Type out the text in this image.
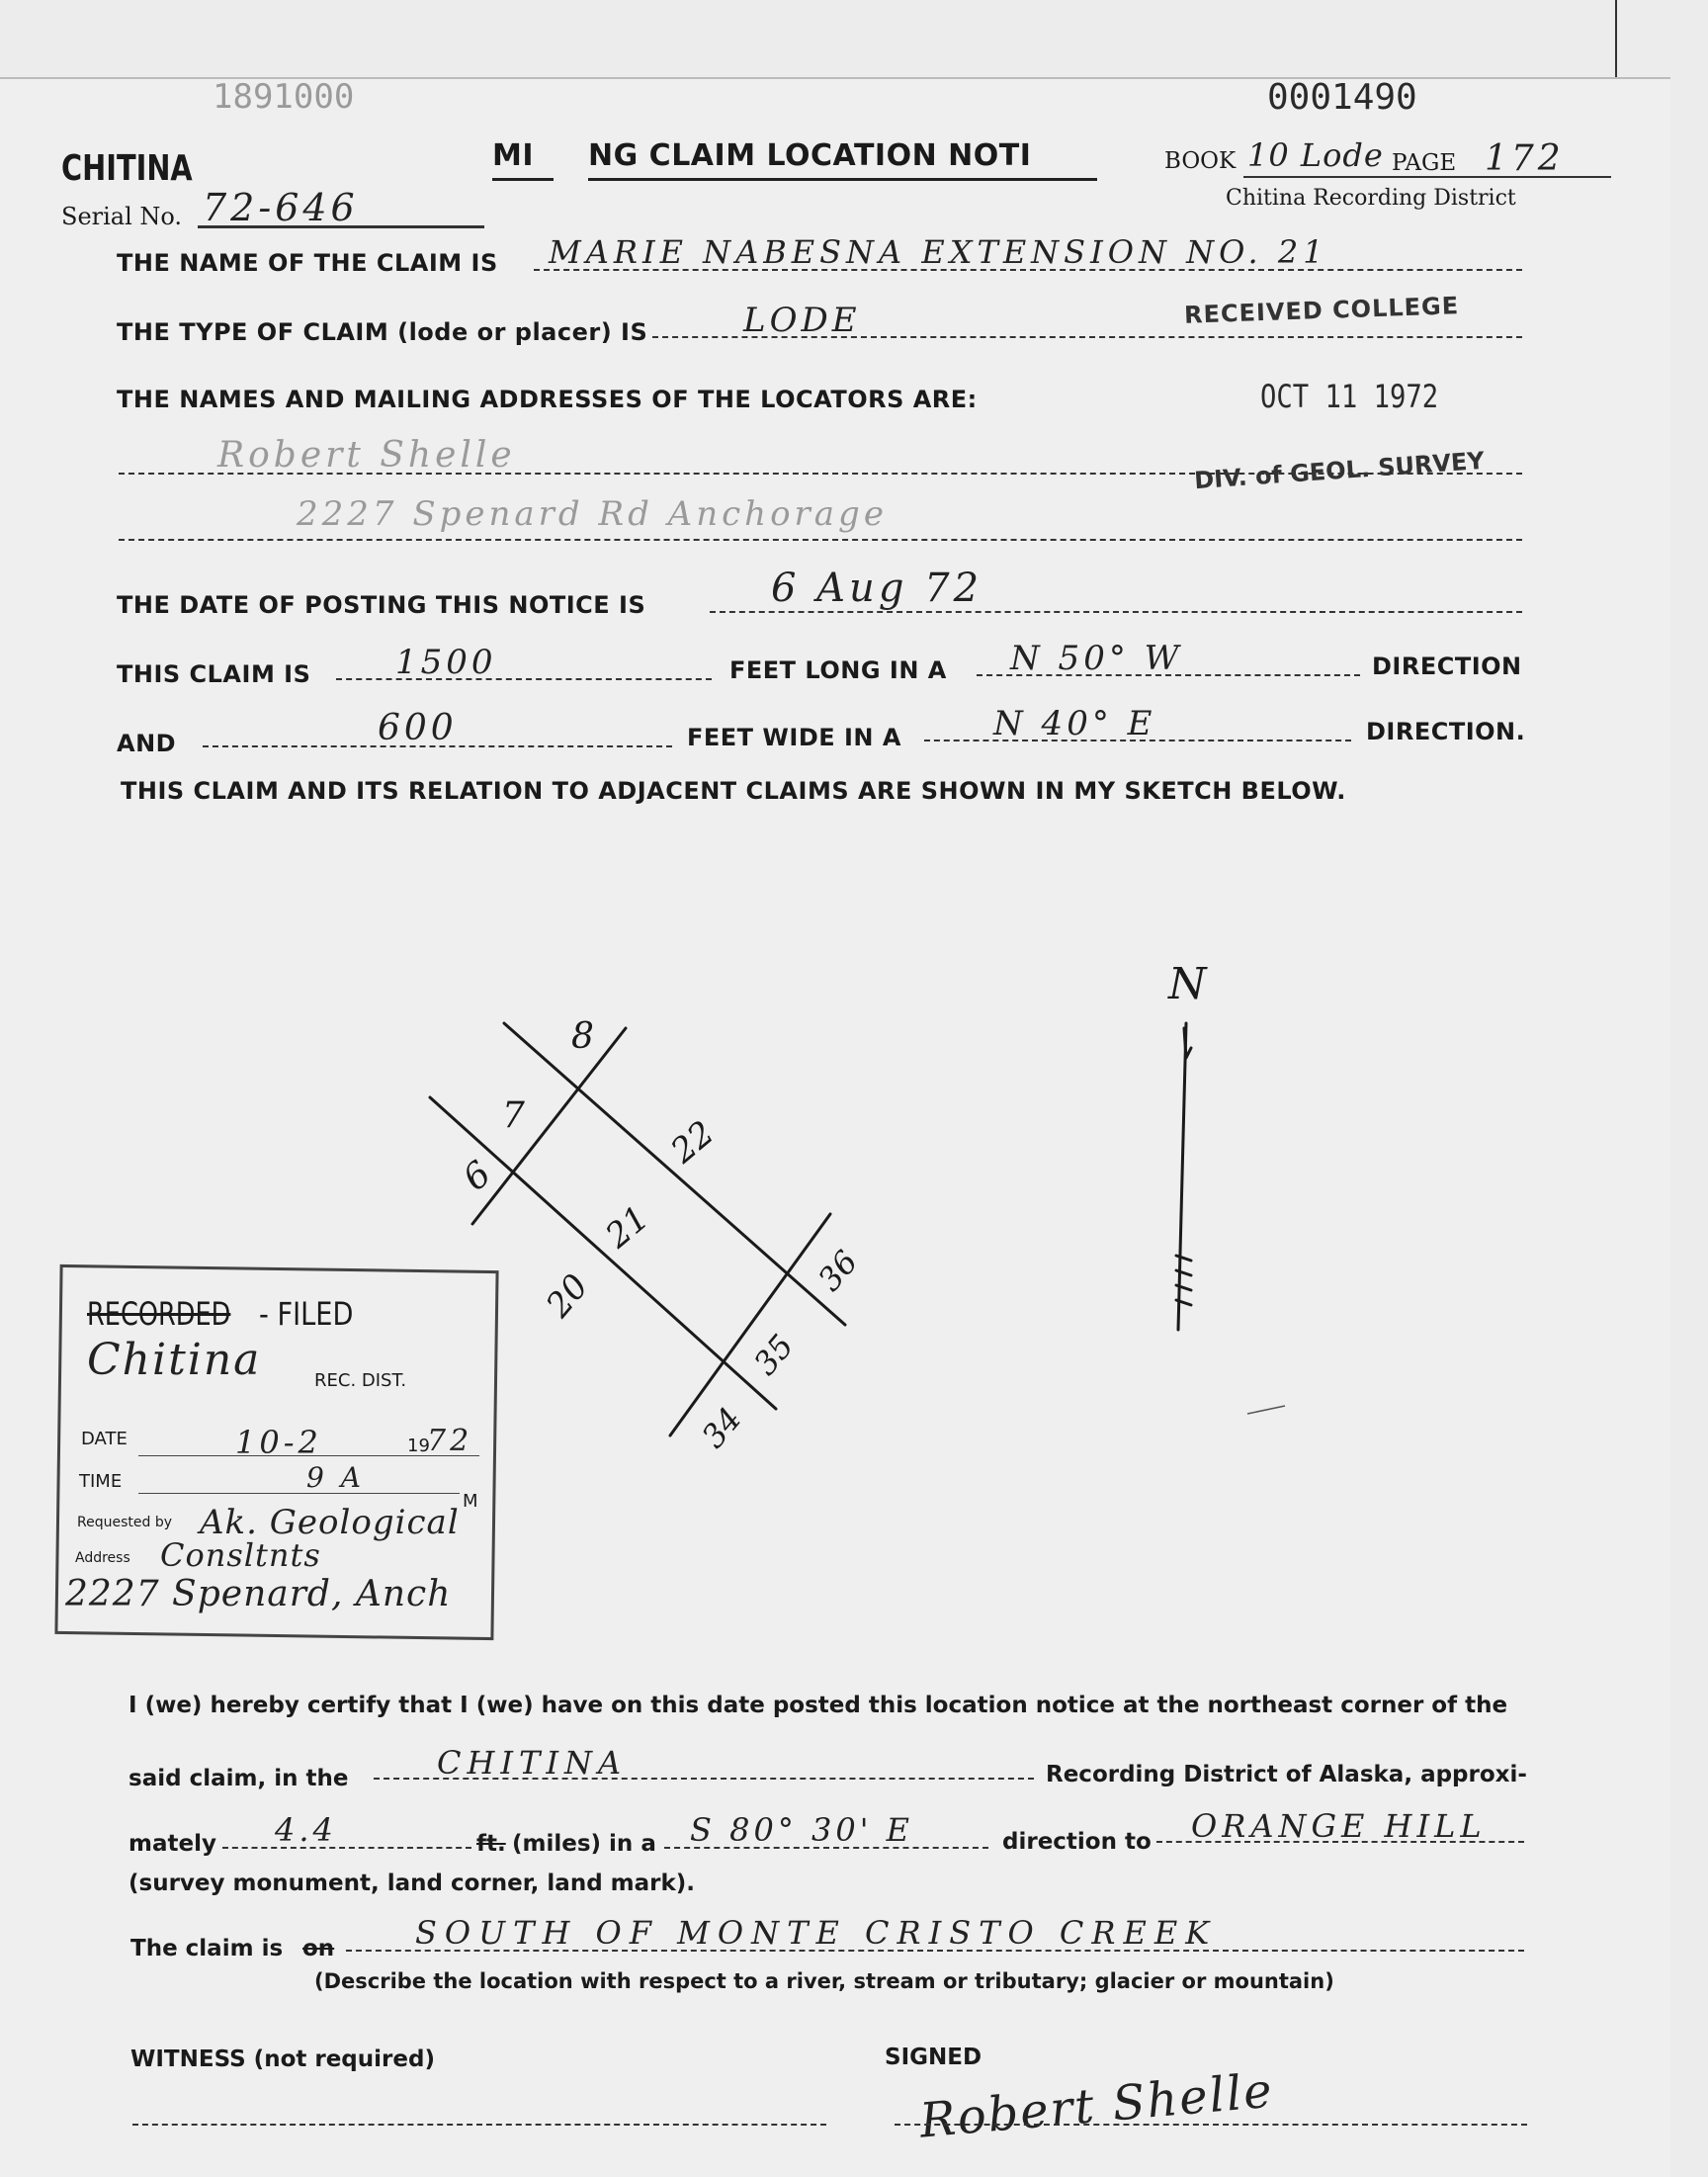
1891000	0001490
CHITINA
Serial No. 72-646
MI NG CLAIM LOCATION NOTI	BOOK 10 Lode PAGE 172
Chitina Recording District
RECEIVED COLLEGE
OCT 11 1972
DIV. of GEOL. SURVEY
THE NAME OF THE CLAIM IS MARIE NABESNA EXTENSION NO. 21
THE TYPE OF CLAIM (lode or placer) IS	LODE
THE NAMES AND MAILING ADDRESSES OF THE LOCATORS ARE:
Robert Shelle
2227 Spenard Rd Anchorage
THE DATE OF POSTING THIS NOTICE IS	6 Aug 72
THIS CLAIM IS	1500	FEET LONG IN A N 50° W	DIRECTION
AND	600	FEET WIDE IN A	N 40° E	DIRECTION.
THIS CLAIM AND ITS RELATION TO ADJACENT CLAIMS ARE SHOWN IN MY SKETCH BELOW.
N
8
7
6
22
21
20	36
35
34
RECORDED - FILED
Chitina	REC. DIST.
DATE	10-2	19
72
TIME	9 A
M
Requested by Ak. Geological
Address Consltnts
2227 Spenard, Anch
I (we) hereby certify that I (we) have on this date posted this location notice at the northeast corner of the
said claim, in the	CHITINA	Recording District of Alaska, approxi-
mately 4.4	ft. (miles) in a S 80° 30' E	direction to ORANGE HILL
(survey monument, land corner, land mark).
The claim is on	SOUTH OF MONTE CRISTO CREEK
(Describe the location with respect to a river, stream or tributary; glacier or mountain)
WITNESS (not required)	SIGNED
Robert Shelle
